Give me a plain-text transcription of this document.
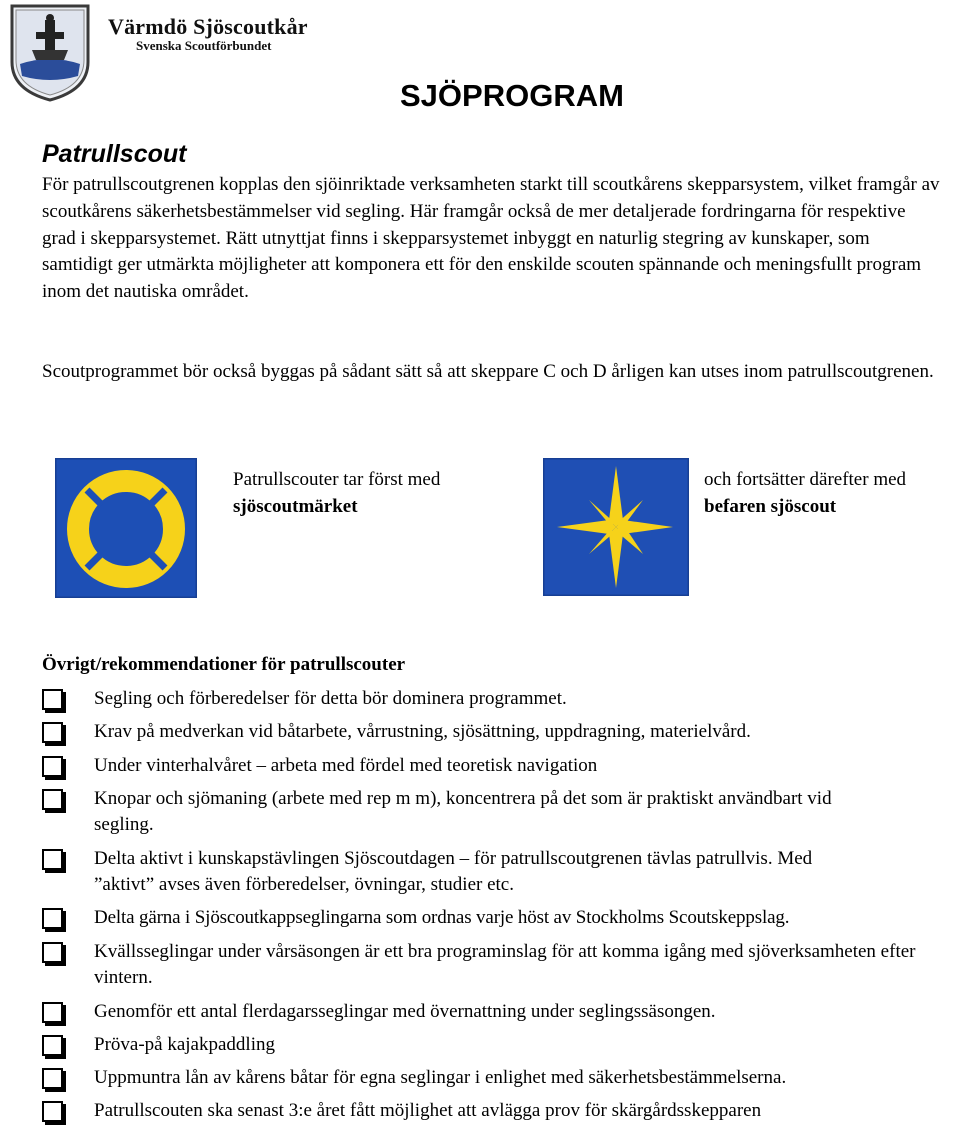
Värmdö Sjöscoutkår
Svenska Scoutförbundet
SJÖPROGRAM
Patrullscout

För patrullscoutgrenen kopplas den sjöinriktade verksamheten starkt till scoutkårens skepparsystem, vilket framgår av scoutkårens säkerhetsbestämmelser vid segling. Här framgår också de mer detaljerade fordringarna för respektive grad i skepparsystemet. Rätt utnyttjat finns i skepparsystemet inbyggt en naturlig stegring av kunskaper, som samtidigt ger utmärkta möjligheter att komponera ett för den enskilde scouten spännande och meningsfullt program inom det nautiska området.

Scoutprogrammet bör också byggas på sådant sätt så att skeppare C och D årligen kan utses inom patrullscoutgrenen.

Patrullscouter tar först med
sjöscoutmärket
och fortsätter därefter med
befaren sjöscout
Övrigt/rekommendationer för patrullscouter
Segling och förberedelser för detta bör dominera programmet.
Krav på medverkan vid båtarbete, vårrustning, sjösättning, uppdragning, materielvård.
Under vinterhalvåret – arbeta med fördel med teoretisk navigation
Knopar och sjömaning (arbete med rep m m), koncentrera på det som är praktiskt användbart vid segling.
Delta aktivt i kunskapstävlingen Sjöscoutdagen – för patrullscoutgrenen tävlas patrullvis. Med ”aktivt” avses även förberedelser, övningar, studier etc.
Delta gärna i Sjöscoutkappseglingarna som ordnas varje höst av Stockholms Scoutskeppslag.
Kvällsseglingar under vårsäsongen är ett bra programinslag för att komma igång med sjöverksamheten efter vintern.
Genomför ett antal flerdagarsseglingar med övernattning under seglingssäsongen.
Pröva-på kajakpaddling
Uppmuntra lån av kårens båtar för egna seglingar i enlighet med säkerhetsbestämmelserna.
Patrullscouten ska senast 3:e året fått möjlighet att avlägga prov för skärgårdsskepparen
